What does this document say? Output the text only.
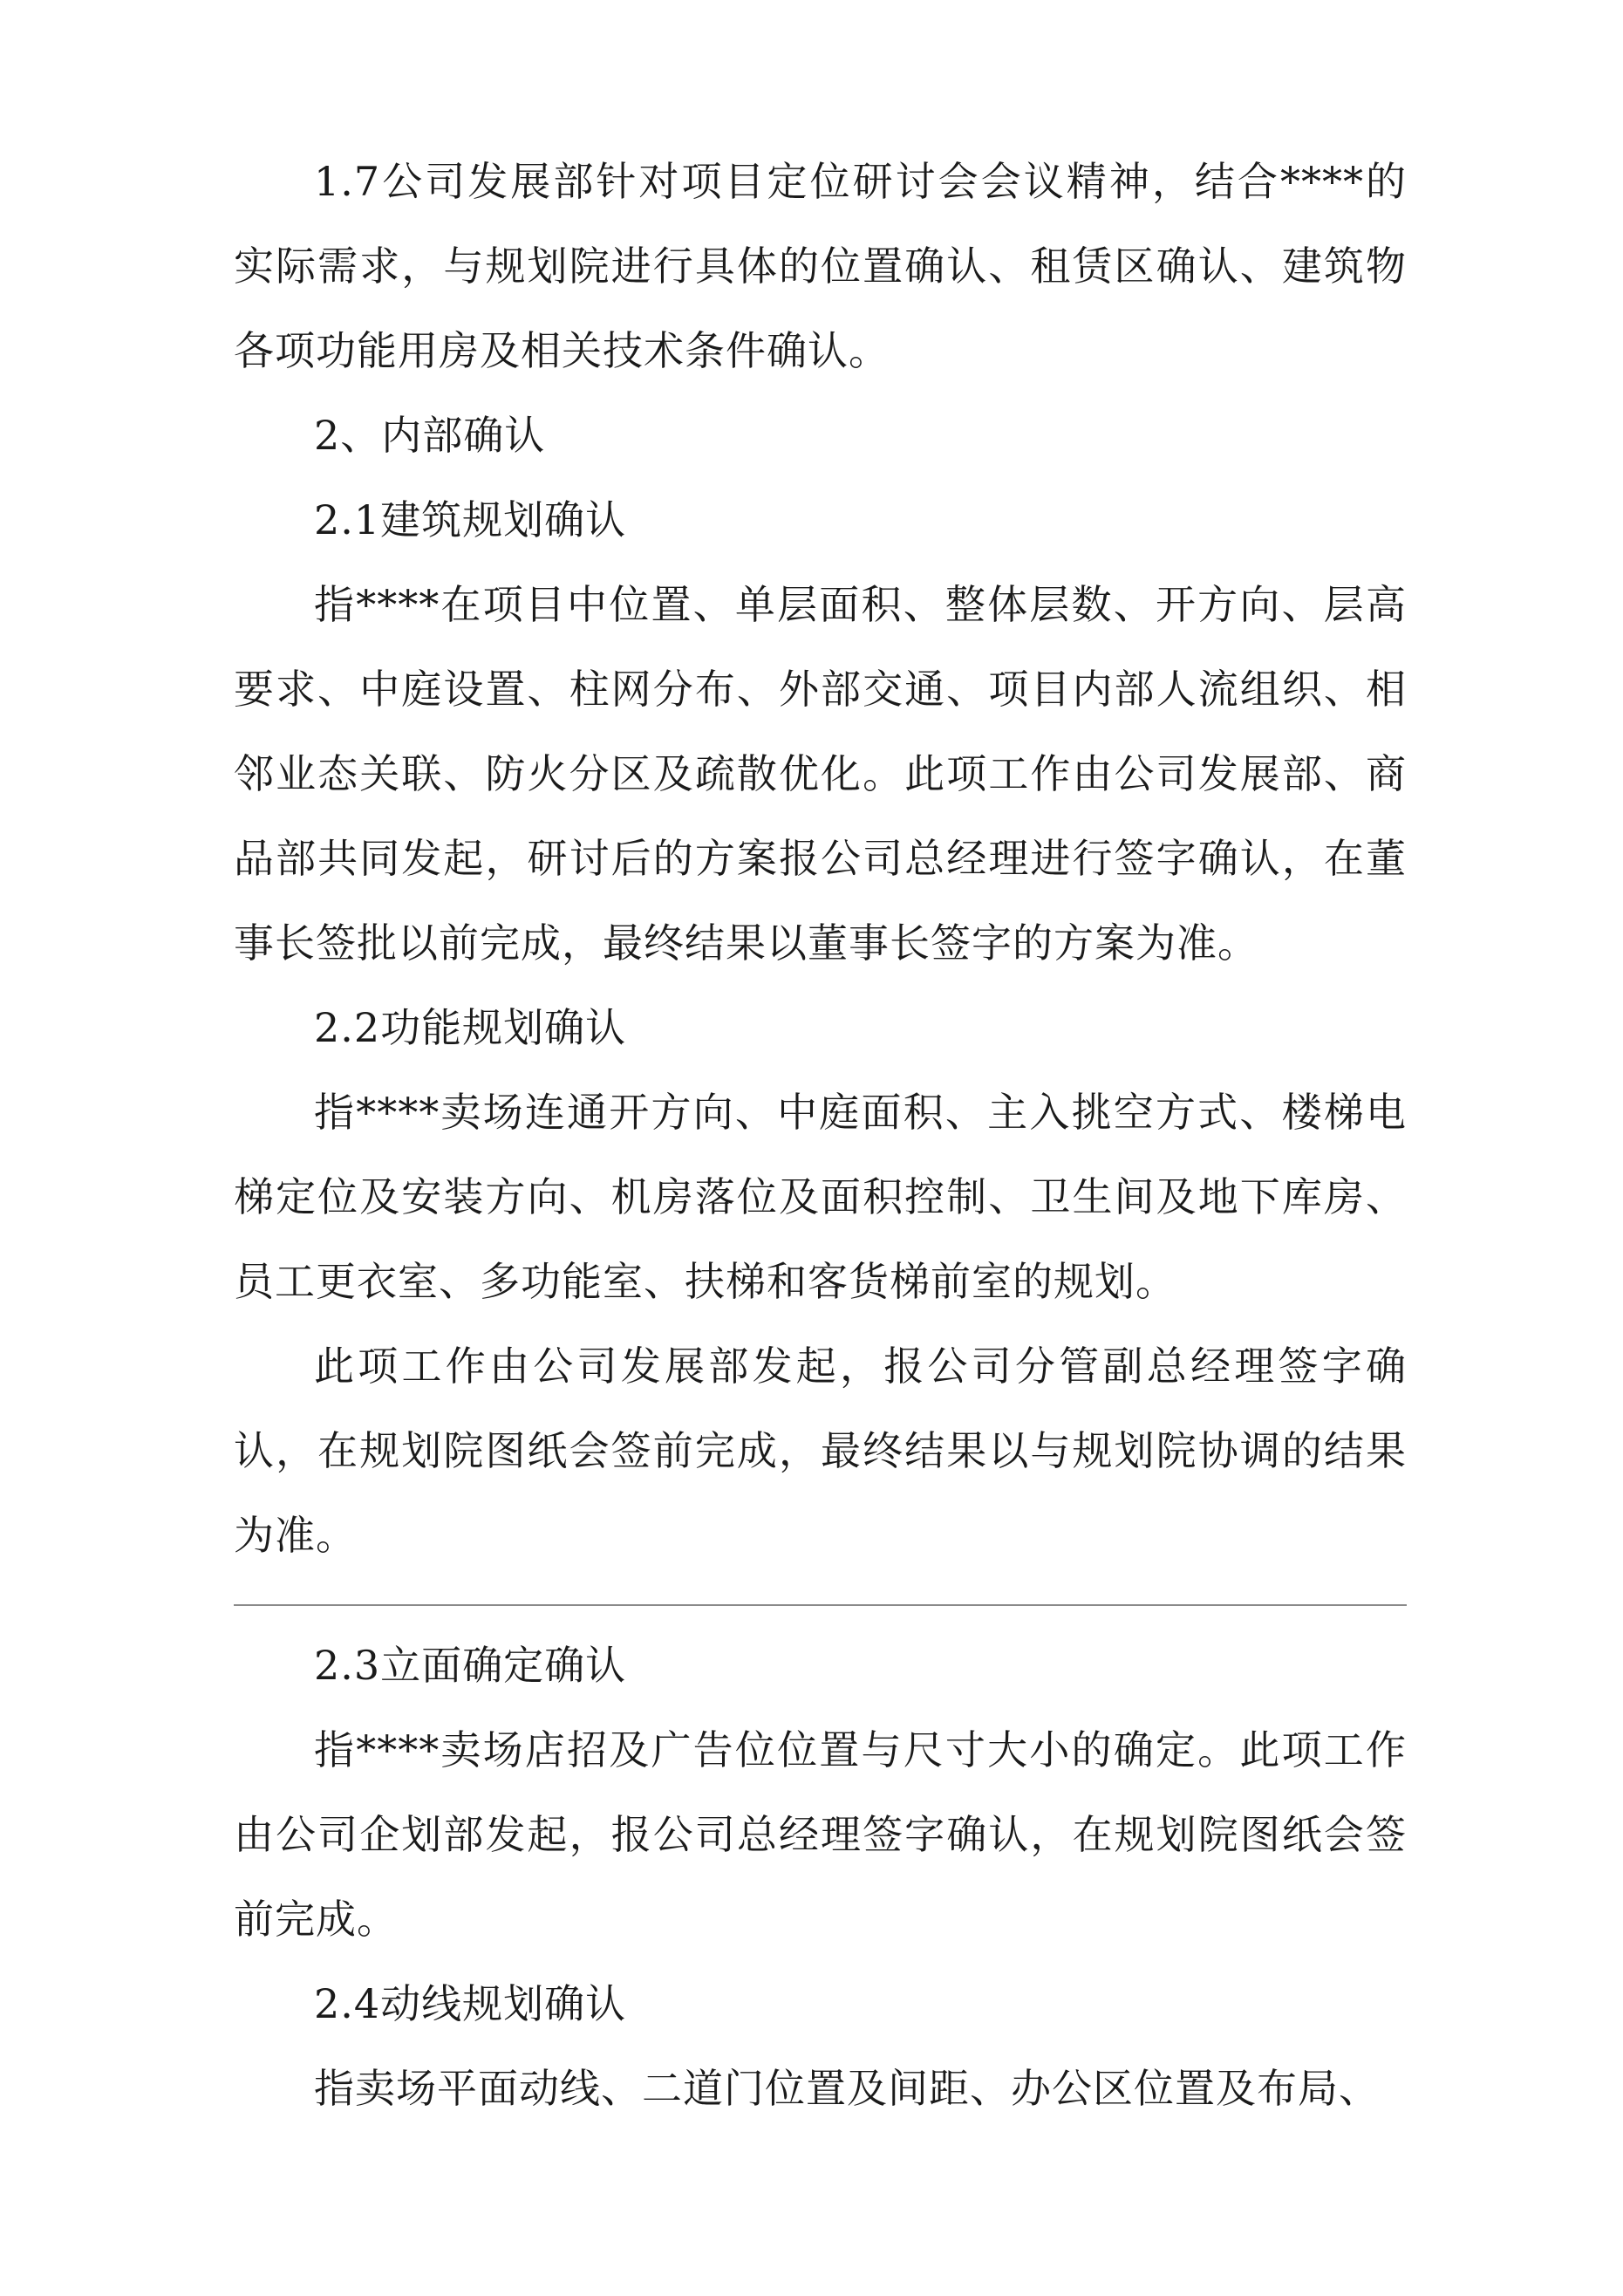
1.7公司发展部针对项目定位研讨会会议精神，结合****的实际需求，与规划院进行具体的位置确认、租赁区确认、建筑物各项功能用房及相关技术条件确认。

2、内部确认

2.1建筑规划确认

指****在项目中位置、单层面积、整体层数、开方向、层高要求、中庭设置、柱网分布、外部交通、项目内部人流组织、相邻业态关联、防火分区及疏散优化。此项工作由公司发展部、商品部共同发起，研讨后的方案报公司总经理进行签字确认，在董事长签批以前完成，最终结果以董事长签字的方案为准。

2.2功能规划确认

指****卖场连通开方向、中庭面积、主入挑空方式、楼梯电梯定位及安装方向、机房落位及面积控制、卫生间及地下库房、员工更衣室、多功能室、扶梯和客货梯前室的规划。

此项工作由公司发展部发起，报公司分管副总经理签字确认，在规划院图纸会签前完成，最终结果以与规划院协调的结果为准。

2.3立面确定确认

指****卖场店招及广告位位置与尺寸大小的确定。此项工作由公司企划部发起，报公司总经理签字确认，在规划院图纸会签前完成。

2.4动线规划确认

指卖场平面动线、二道门位置及间距、办公区位置及布局、
